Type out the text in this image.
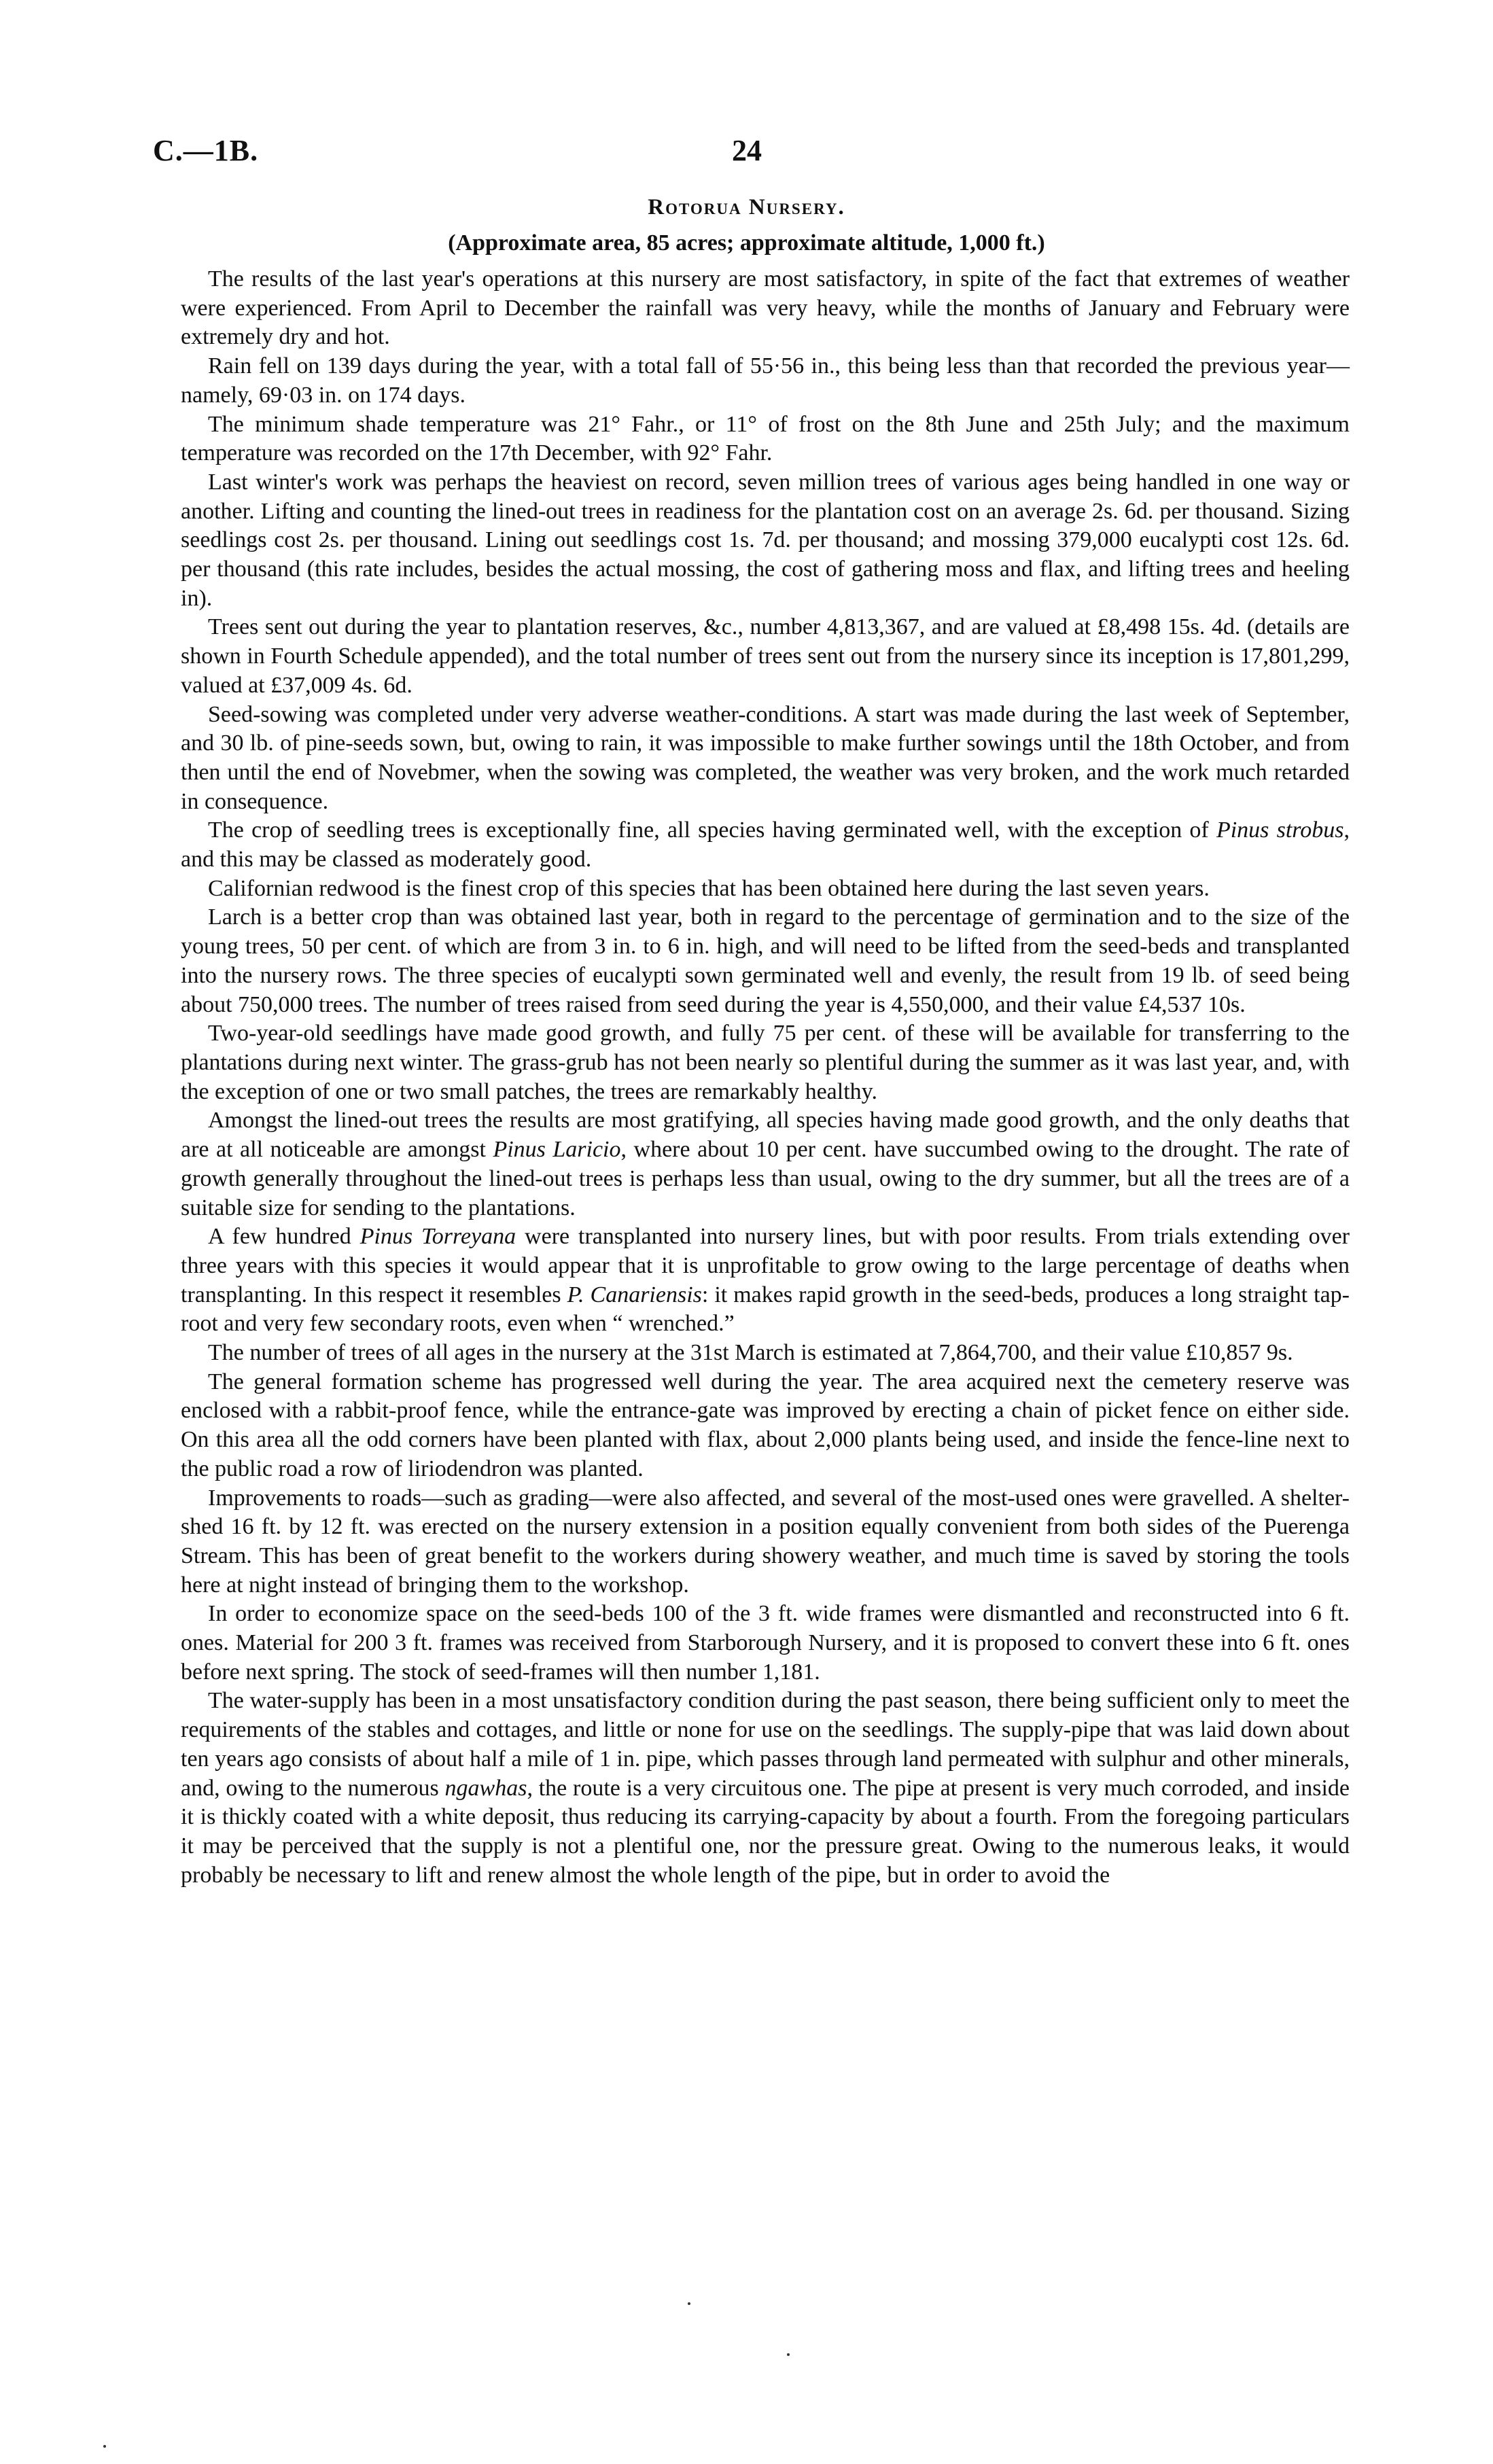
C.—1B.	24
Rotorua Nursery.
(Approximate area, 85 acres; approximate altitude, 1,000 ft.)

The results of the last year's operations at this nursery are most satisfactory, in spite of the fact that extremes of weather were experienced. From April to December the rainfall was very heavy, while the months of January and February were extremely dry and hot.

Rain fell on 139 days during the year, with a total fall of 55·56 in., this being less than that recorded the previous year—namely, 69·03 in. on 174 days.

The minimum shade temperature was 21° Fahr., or 11° of frost on the 8th June and 25th July; and the maximum temperature was recorded on the 17th December, with 92° Fahr.

Last winter's work was perhaps the heaviest on record, seven million trees of various ages being handled in one way or another. Lifting and counting the lined-out trees in readiness for the plantation cost on an average 2s. 6d. per thousand. Sizing seedlings cost 2s. per thousand. Lining out seedlings cost 1s. 7d. per thousand; and mossing 379,000 eucalypti cost 12s. 6d. per thousand (this rate includes, besides the actual mossing, the cost of gathering moss and flax, and lifting trees and heeling in).

Trees sent out during the year to plantation reserves, &c., number 4,813,367, and are valued at £8,498 15s. 4d. (details are shown in Fourth Schedule appended), and the total number of trees sent out from the nursery since its inception is 17,801,299, valued at £37,009 4s. 6d.

Seed-sowing was completed under very adverse weather-conditions. A start was made during the last week of September, and 30 lb. of pine-seeds sown, but, owing to rain, it was impossible to make further sowings until the 18th October, and from then until the end of Novebmer, when the sowing was completed, the weather was very broken, and the work much retarded in consequence.

The crop of seedling trees is exceptionally fine, all species having germinated well, with the exception of Pinus strobus, and this may be classed as moderately good.

Californian redwood is the finest crop of this species that has been obtained here during the last seven years.

Larch is a better crop than was obtained last year, both in regard to the percentage of germination and to the size of the young trees, 50 per cent. of which are from 3 in. to 6 in. high, and will need to be lifted from the seed-beds and transplanted into the nursery rows. The three species of eucalypti sown germinated well and evenly, the result from 19 lb. of seed being about 750,000 trees. The number of trees raised from seed during the year is 4,550,000, and their value £4,537 10s.

Two-year-old seedlings have made good growth, and fully 75 per cent. of these will be available for transferring to the plantations during next winter. The grass-grub has not been nearly so plentiful during the summer as it was last year, and, with the exception of one or two small patches, the trees are remarkably healthy.

Amongst the lined-out trees the results are most gratifying, all species having made good growth, and the only deaths that are at all noticeable are amongst Pinus Laricio, where about 10 per cent. have succumbed owing to the drought. The rate of growth generally throughout the lined-out trees is perhaps less than usual, owing to the dry summer, but all the trees are of a suitable size for sending to the plantations.

A few hundred Pinus Torreyana were transplanted into nursery lines, but with poor results. From trials extending over three years with this species it would appear that it is unprofitable to grow owing to the large percentage of deaths when transplanting. In this respect it resembles P. Canariensis: it makes rapid growth in the seed-beds, produces a long straight tap-root and very few secondary roots, even when “ wrenched.”

The number of trees of all ages in the nursery at the 31st March is estimated at 7,864,700, and their value £10,857 9s.

The general formation scheme has progressed well during the year. The area acquired next the cemetery reserve was enclosed with a rabbit-proof fence, while the entrance-gate was improved by erecting a chain of picket fence on either side. On this area all the odd corners have been planted with flax, about 2,000 plants being used, and inside the fence-line next to the public road a row of liriodendron was planted.

Improvements to roads—such as grading—were also affected, and several of the most-used ones were gravelled. A shelter-shed 16 ft. by 12 ft. was erected on the nursery extension in a position equally convenient from both sides of the Puerenga Stream. This has been of great benefit to the workers during showery weather, and much time is saved by storing the tools here at night instead of bringing them to the workshop.

In order to economize space on the seed-beds 100 of the 3 ft. wide frames were dismantled and reconstructed into 6 ft. ones. Material for 200 3 ft. frames was received from Starborough Nursery, and it is proposed to convert these into 6 ft. ones before next spring. The stock of seed-frames will then number 1,181.

The water-supply has been in a most unsatisfactory condition during the past season, there being sufficient only to meet the requirements of the stables and cottages, and little or none for use on the seedlings. The supply-pipe that was laid down about ten years ago consists of about half a mile of 1 in. pipe, which passes through land permeated with sulphur and other minerals, and, owing to the numerous ngawhas, the route is a very circuitous one. The pipe at present is very much corroded, and inside it is thickly coated with a white deposit, thus reducing its carrying-capacity by about a fourth. From the foregoing particulars it may be perceived that the supply is not a plentiful one, nor the pressure great. Owing to the numerous leaks, it would probably be necessary to lift and renew almost the whole length of the pipe, but in order to avoid the
